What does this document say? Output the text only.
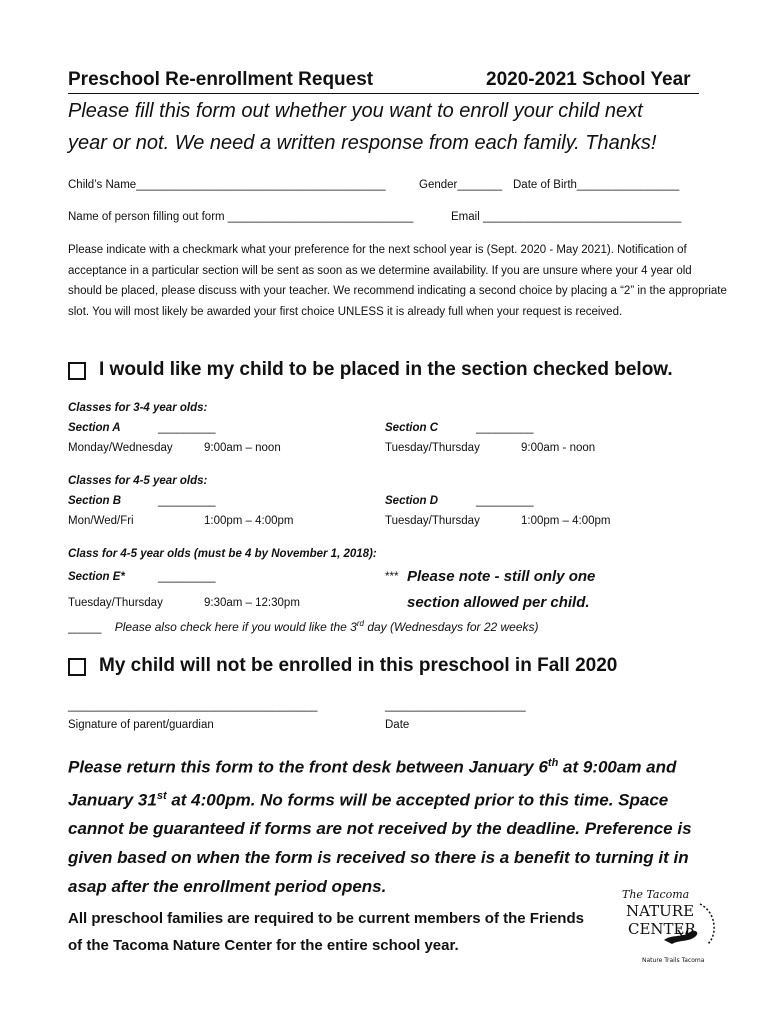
Preschool Re-enrollment Request	2020-2021 School Year
Please fill this form out whether you want to enroll your child next
year or not. We need a written response from each family. Thanks!
Child’s Name_______________________________________	Gender_______ Date of Birth________________
Name of person filling out form _____________________________	Email _______________________________
Please indicate with a checkmark what your preference for the next school year is (Sept. 2020 - May 2021). Notification of acceptance in a particular section will be sent as soon as we determine availability. If you are unsure where your 4 year old should be placed, please discuss with your teacher. We recommend indicating a second choice by placing a “2” in the appropriate slot. You will most likely be awarded your first choice UNLESS it is already full when your request is received.
I would like my child to be placed in the section checked below.
Classes for 3-4 year olds:
Section A	_________
Monday/Wednesday	9:00am – noon
Section C	_________
Tuesday/Thursday	9:00am - noon
Classes for 4-5 year olds:
Section B	_________
Mon/Wed/Fri	1:00pm – 4:00pm
Section D	_________
Tuesday/Thursday	1:00pm – 4:00pm
Class for 4-5 year olds (must be 4 by November 1, 2018):
Section E*	_________
Tuesday/Thursday	9:30am – 12:30pm
*** Please note - still only one
section allowed per child.
_____ Please also check here if you would like the 3rd day (Wednesdays for 22 weeks)
My child will not be enrolled in this preschool in Fall 2020
_______________________________________
Signature of parent/guardian
______________________
Date
Please return this form to the front desk between January 6th at 9:00am and January 31st at 4:00pm. No forms will be accepted prior to this time. Space cannot be guaranteed if forms are not received by the deadline. Preference is given based on when the form is received so there is a benefit to turning it in asap after the enrollment period opens.
All preschool families are required to be current members of the Friends of the Tacoma Nature Center for the entire school year.
The Tacoma
NATURE
CENTER
Nature Trails Tacoma
